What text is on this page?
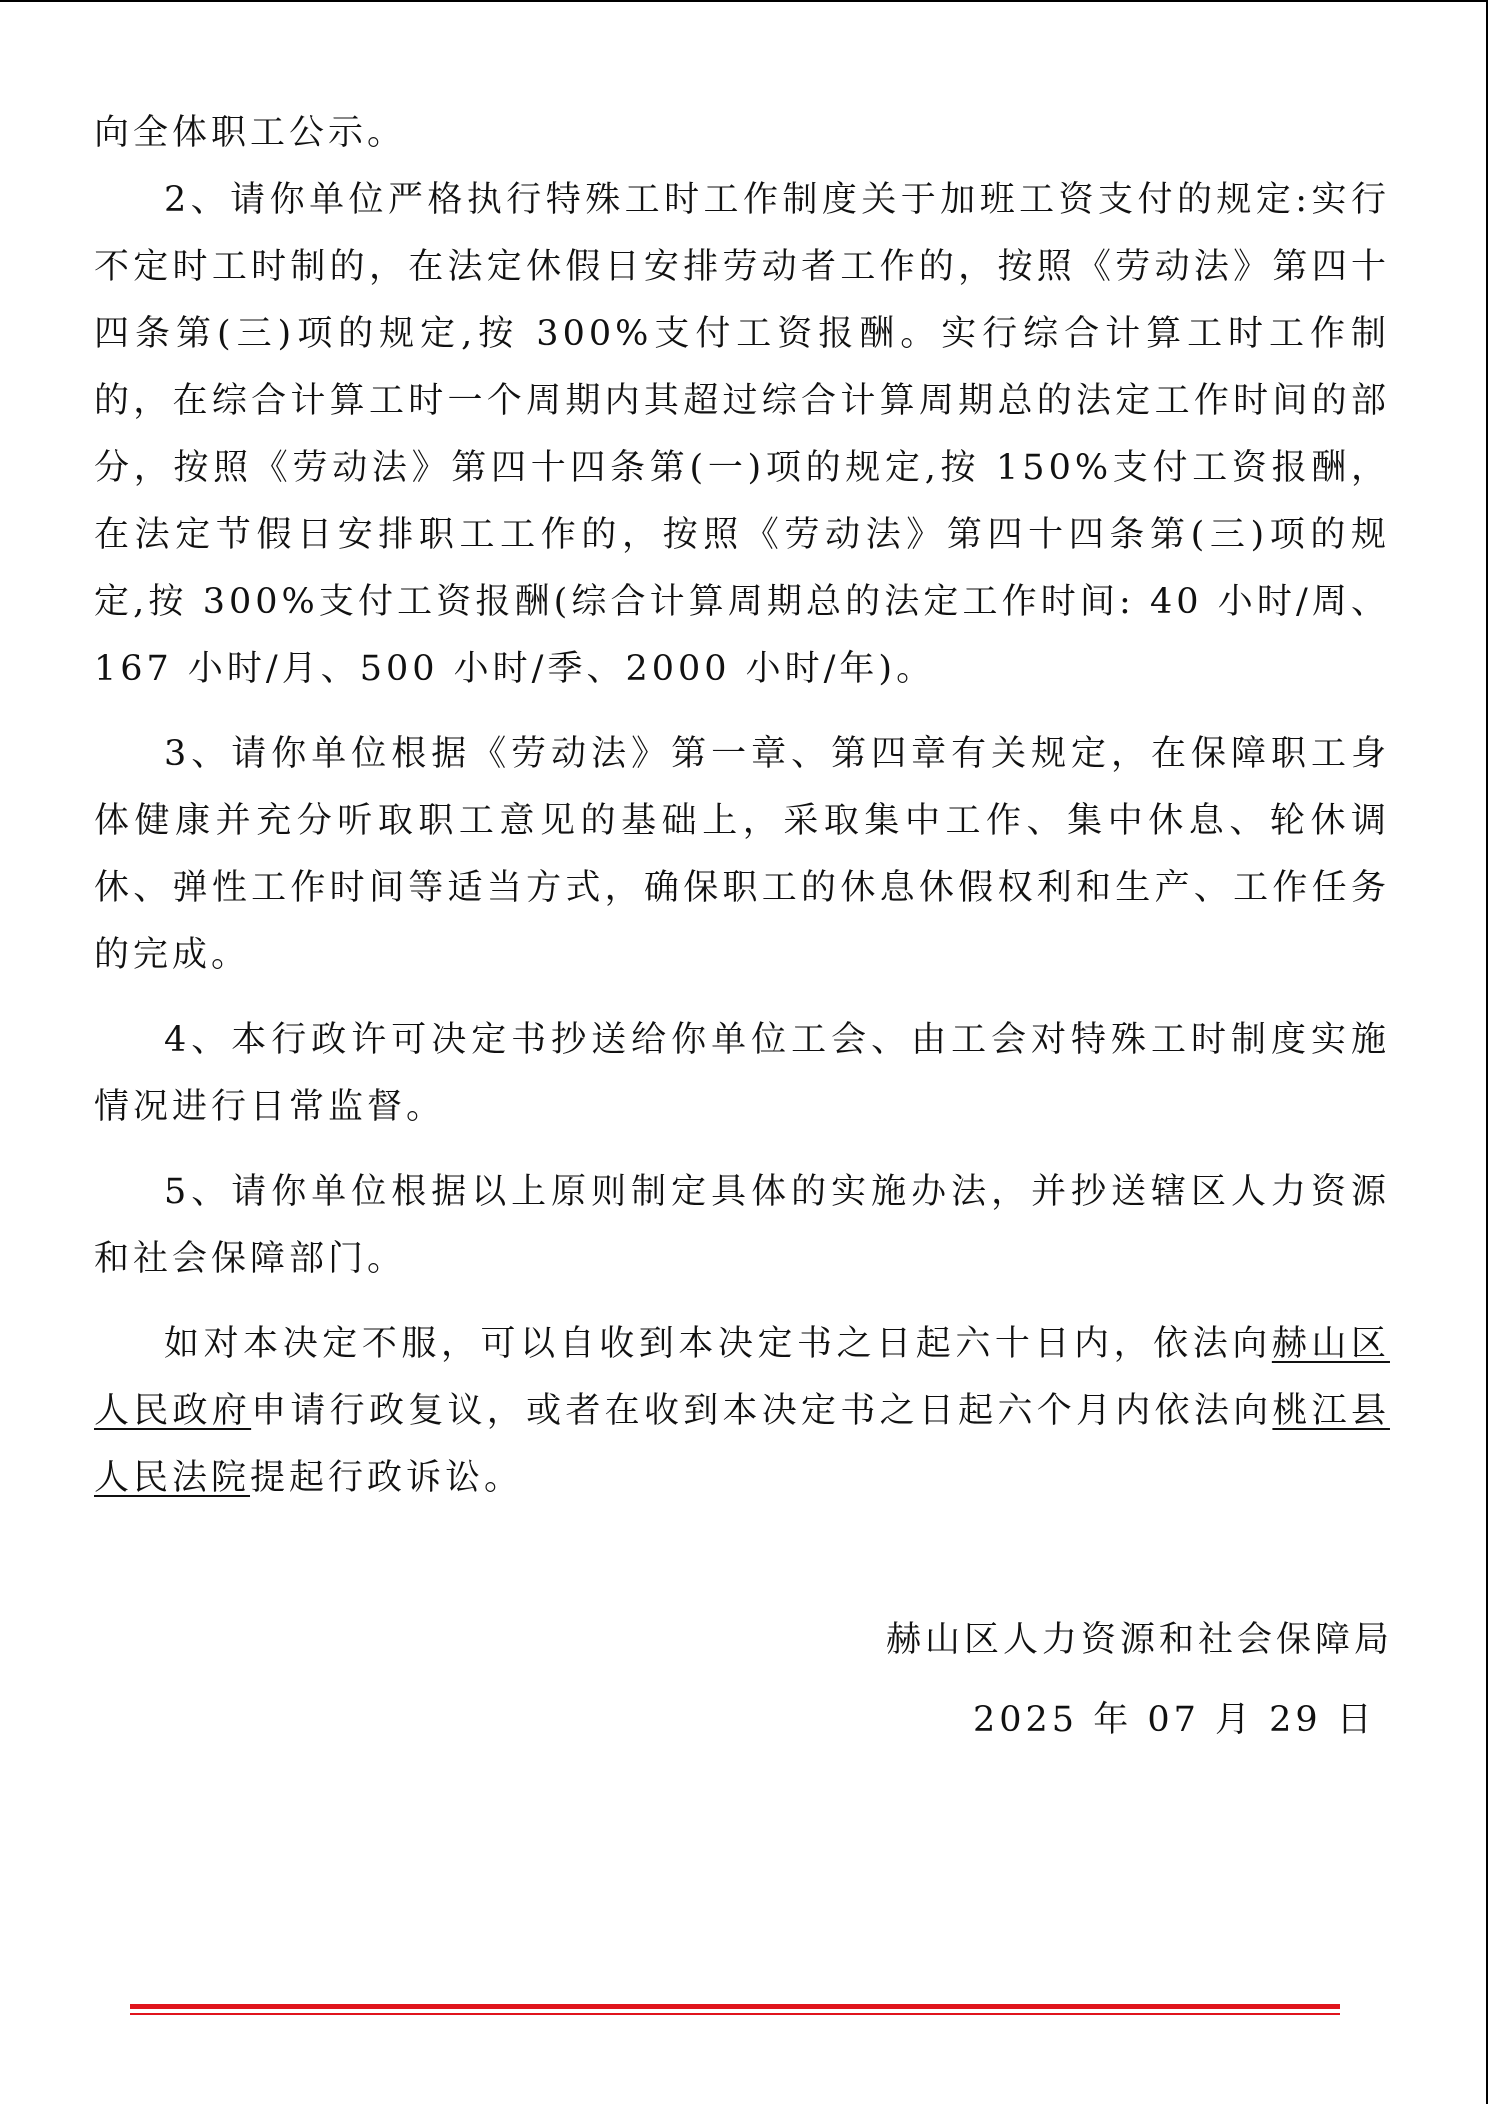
向全体职工公示。

2、请你单位严格执行特殊工时工作制度关于加班工资支付的规定:实行不定时工时制的，在法定休假日安排劳动者工作的，按照《劳动法》第四十四条第(三)项的规定,按 300%支付工资报酬。实行综合计算工时工作制的，在综合计算工时一个周期内其超过综合计算周期总的法定工作时间的部分，按照《劳动法》第四十四条第(一)项的规定,按 150%支付工资报酬，在法定节假日安排职工工作的，按照《劳动法》第四十四条第(三)项的规定,按 300%支付工资报酬(综合计算周期总的法定工作时间: 40 小时/周、167 小时/月、500 小时/季、2000 小时/年)。

3、请你单位根据《劳动法》第一章、第四章有关规定，在保障职工身体健康并充分听取职工意见的基础上，采取集中工作、集中休息、轮休调休、弹性工作时间等适当方式，确保职工的休息休假权利和生产、工作任务的完成。

4、本行政许可决定书抄送给你单位工会、由工会对特殊工时制度实施情况进行日常监督。

5、请你单位根据以上原则制定具体的实施办法，并抄送辖区人力资源和社会保障部门。

如对本决定不服，可以自收到本决定书之日起六十日内，依法向赫山区人民政府申请行政复议，或者在收到本决定书之日起六个月内依法向桃江县人民法院提起行政诉讼。

赫山区人力资源和社会保障局
2025 年 07 月 29 日
